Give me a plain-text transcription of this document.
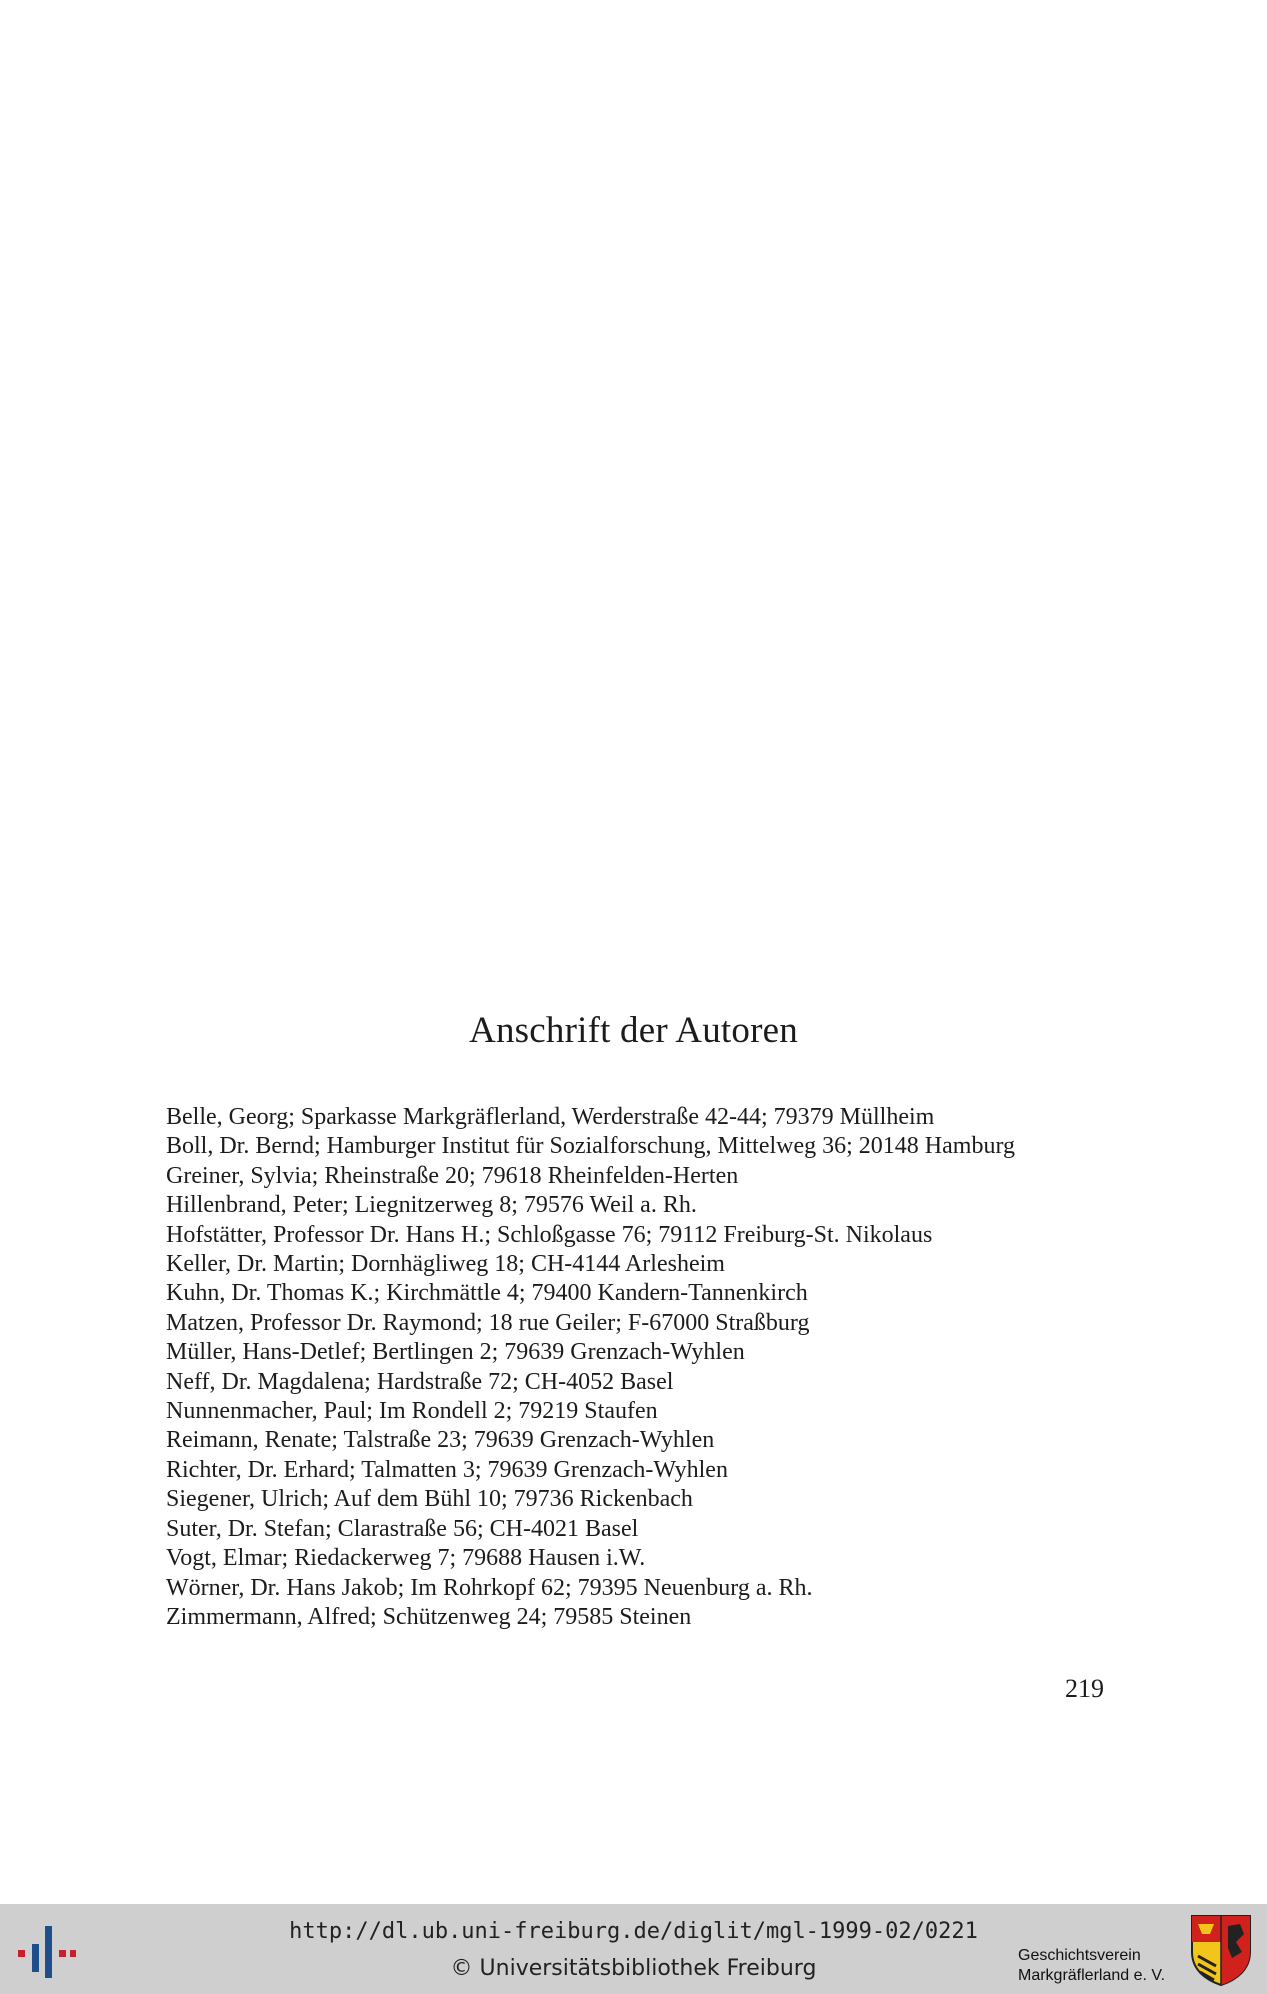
Anschrift der Autoren
Belle, Georg; Sparkasse Markgräflerland, Werderstraße 42-44; 79379 Müllheim
Boll, Dr. Bernd; Hamburger Institut für Sozialforschung, Mittelweg 36; 20148 Hamburg
Greiner, Sylvia; Rheinstraße 20; 79618 Rheinfelden-Herten
Hillenbrand, Peter; Liegnitzerweg 8; 79576 Weil a. Rh.
Hofstätter, Professor Dr. Hans H.; Schloßgasse 76; 79112 Freiburg-St. Nikolaus
Keller, Dr. Martin; Dornhägliweg 18; CH-4144 Arlesheim
Kuhn, Dr. Thomas K.; Kirchmättle 4; 79400 Kandern-Tannenkirch
Matzen, Professor Dr. Raymond; 18 rue Geiler; F-67000 Straßburg
Müller, Hans-Detlef; Bertlingen 2; 79639 Grenzach-Wyhlen
Neff, Dr. Magdalena; Hardstraße 72; CH-4052 Basel
Nunnenmacher, Paul; Im Rondell 2; 79219 Staufen
Reimann, Renate; Talstraße 23; 79639 Grenzach-Wyhlen
Richter, Dr. Erhard; Talmatten 3; 79639 Grenzach-Wyhlen
Siegener, Ulrich; Auf dem Bühl 10; 79736 Rickenbach
Suter, Dr. Stefan; Clarastraße 56; CH-4021 Basel
Vogt, Elmar; Riedackerweg 7; 79688 Hausen i.W.
Wörner, Dr. Hans Jakob; Im Rohrkopf 62; 79395 Neuenburg a. Rh.
Zimmermann, Alfred; Schützenweg 24; 79585 Steinen
219
http://dl.ub.uni-freiburg.de/diglit/mgl-1999-02/0221
© Universitätsbibliothek Freiburg
Geschichtsverein
Markgräflerland e. V.
